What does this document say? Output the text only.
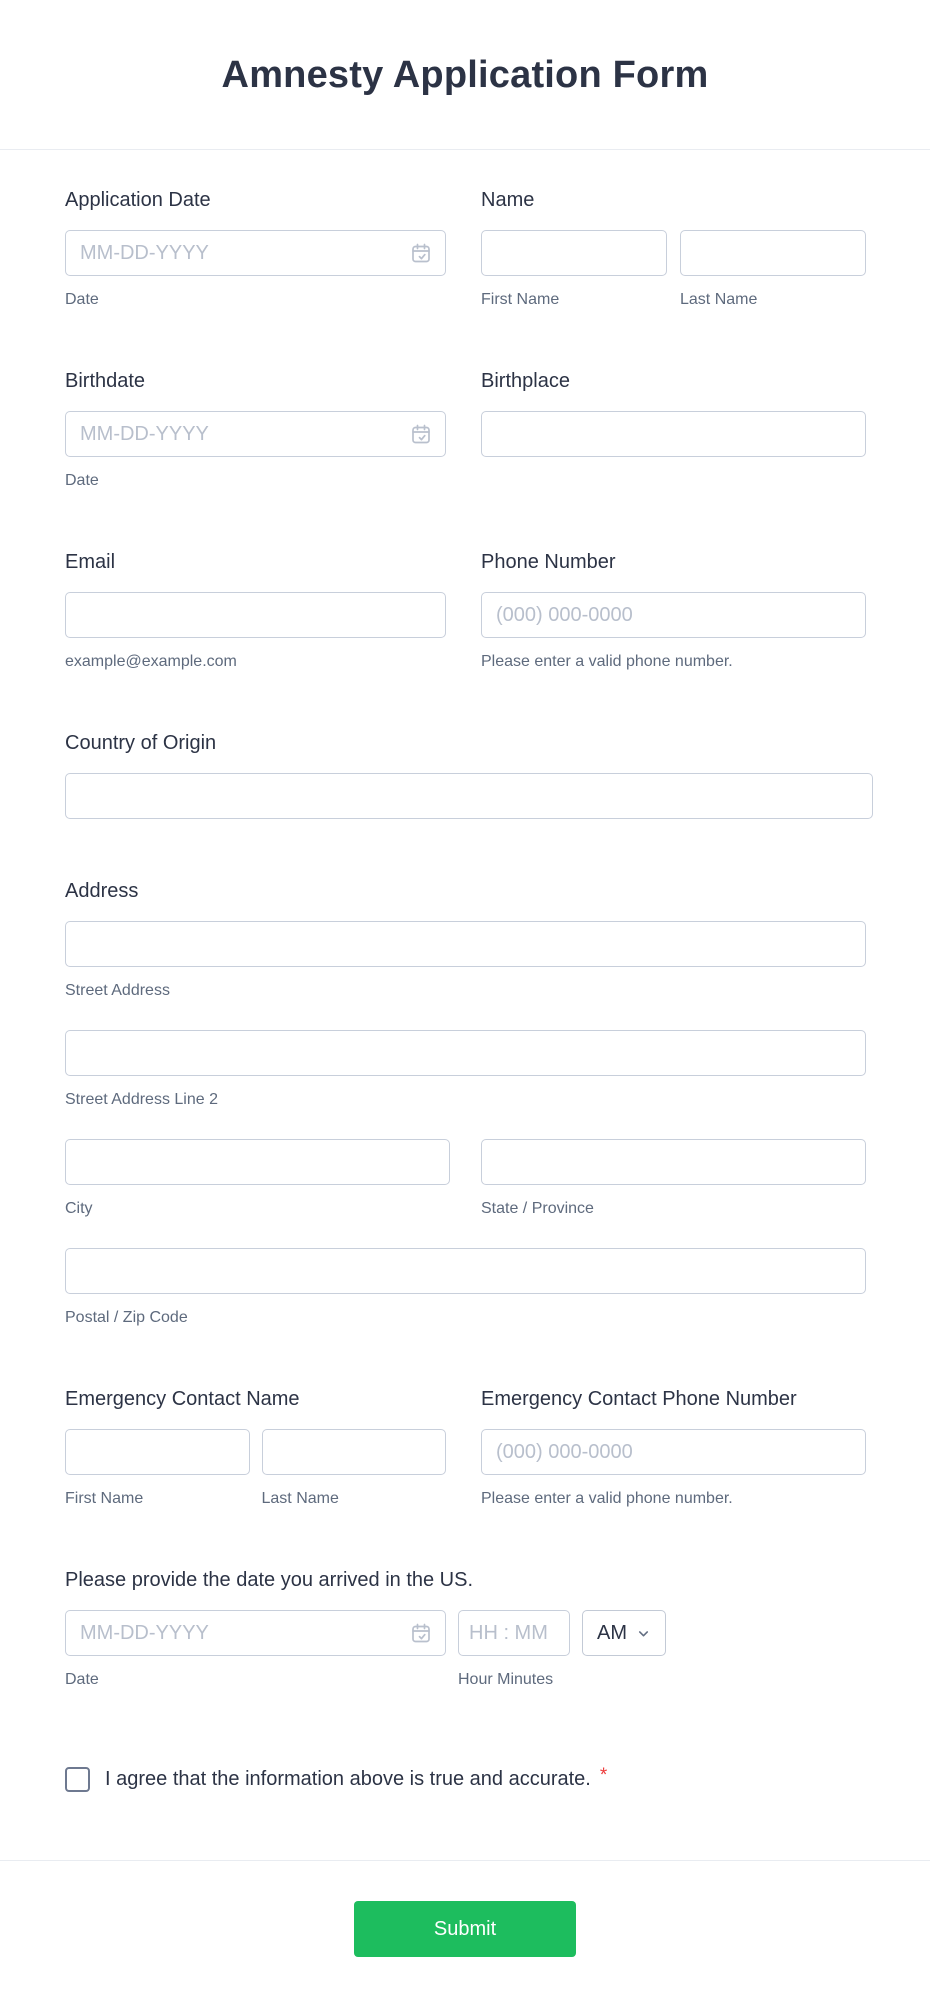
Amnesty Application Form
Application Date
MM-DD-YYYY
Date
Name
First Name	Last Name
Birthdate
MM-DD-YYYY
Date
Birthplace
Email
example@example.com
Phone Number
(000) 000-0000
Please enter a valid phone number.
Country of Origin
Address
Street Address
Street Address Line 2
City	State / Province
Postal / Zip Code
Emergency Contact Name
First Name	Last Name
Emergency Contact Phone Number
(000) 000-0000
Please enter a valid phone number.
Please provide the date you arrived in the US.
MM-DD-YYYY
Date
HH : MM	Hour Minutes
AM
I agree that the information above is true and accurate. *
Submit
